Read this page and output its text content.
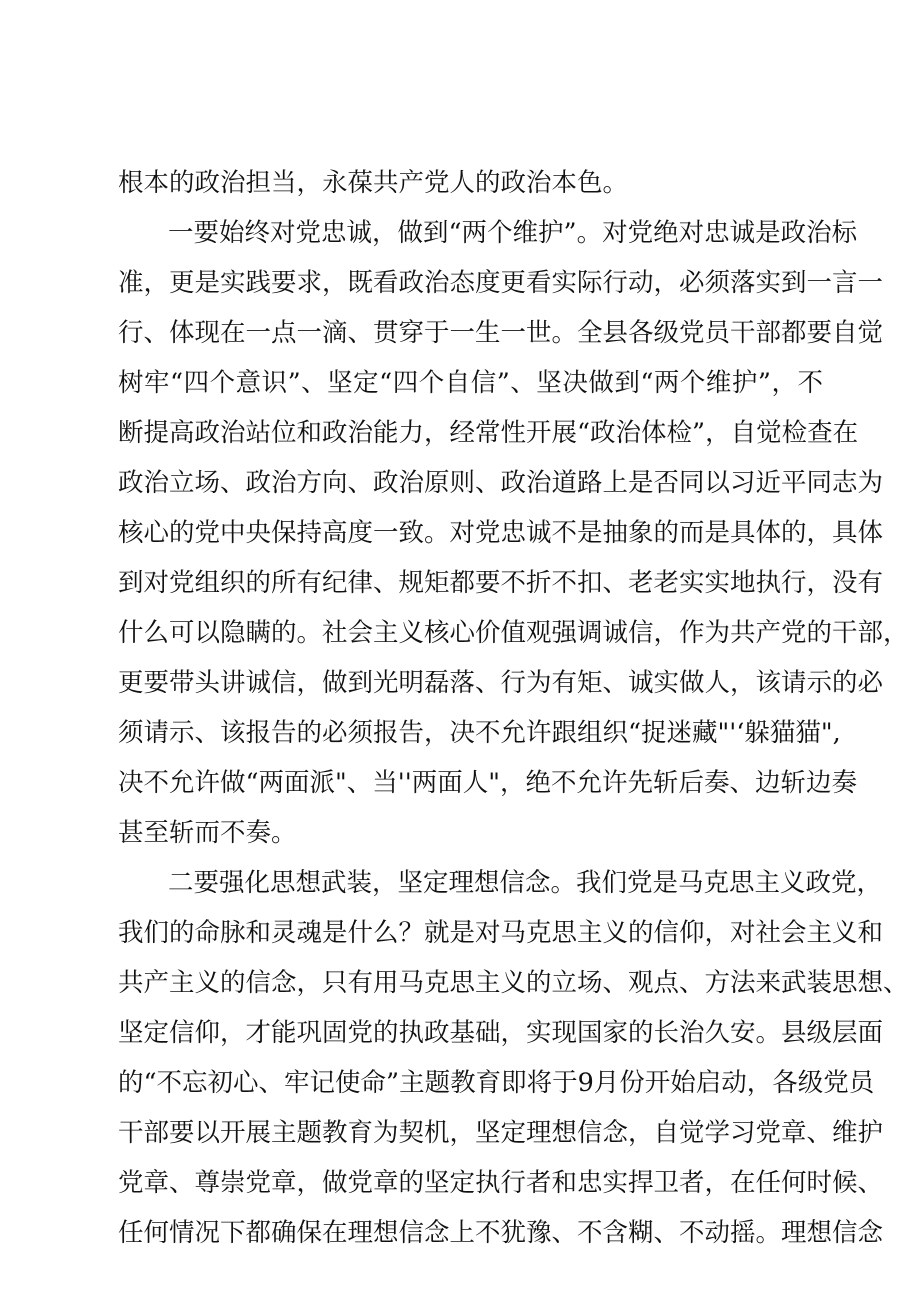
根本的政治担当，永葆共产党人的政治本色。
一要始终对党忠诚，做到“两个维护”。对党绝对忠诚是政治标
准，更是实践要求，既看政治态度更看实际行动，必须落实到一言一
行、体现在一点一滴、贯穿于一生一世。全县各级党员干部都要自觉
树牢“四个意识”、坚定“四个自信”、坚决做到“两个维护”，不
断提高政治站位和政治能力，经常性开展“政治体检”，自觉检查在
政治立场、政治方向、政治原则、政治道路上是否同以习近平同志为
核心的党中央保持高度一致。对党忠诚不是抽象的而是具体的，具体
到对党组织的所有纪律、规矩都要不折不扣、老老实实地执行，没有
什么可以隐瞒的。社会主义核心价值观强调诚信，作为共产党的干部，
更要带头讲诚信，做到光明磊落、行为有矩、诚实做人，该请示的必
须请示、该报告的必须报告，决不允许跟组织“捉迷藏"'‘躲猫猫",
决不允许做“两面派"、当''两面人"，绝不允许先斩后奏、边斩边奏
甚至斩而不奏。
二要强化思想武装，坚定理想信念。我们党是马克思主义政党，
我们的命脉和灵魂是什么？就是对马克思主义的信仰，对社会主义和
共产主义的信念，只有用马克思主义的立场、观点、方法来武装思想、
坚定信仰，才能巩固党的执政基础，实现国家的长治久安。县级层面
的“不忘初心、牢记使命”主题教育即将于9月份开始启动，各级党员
干部要以开展主题教育为契机，坚定理想信念，自觉学习党章、维护
党章、尊崇党章，做党章的坚定执行者和忠实捍卫者，在任何时候、
任何情况下都确保在理想信念上不犹豫、不含糊、不动摇。理想信念
